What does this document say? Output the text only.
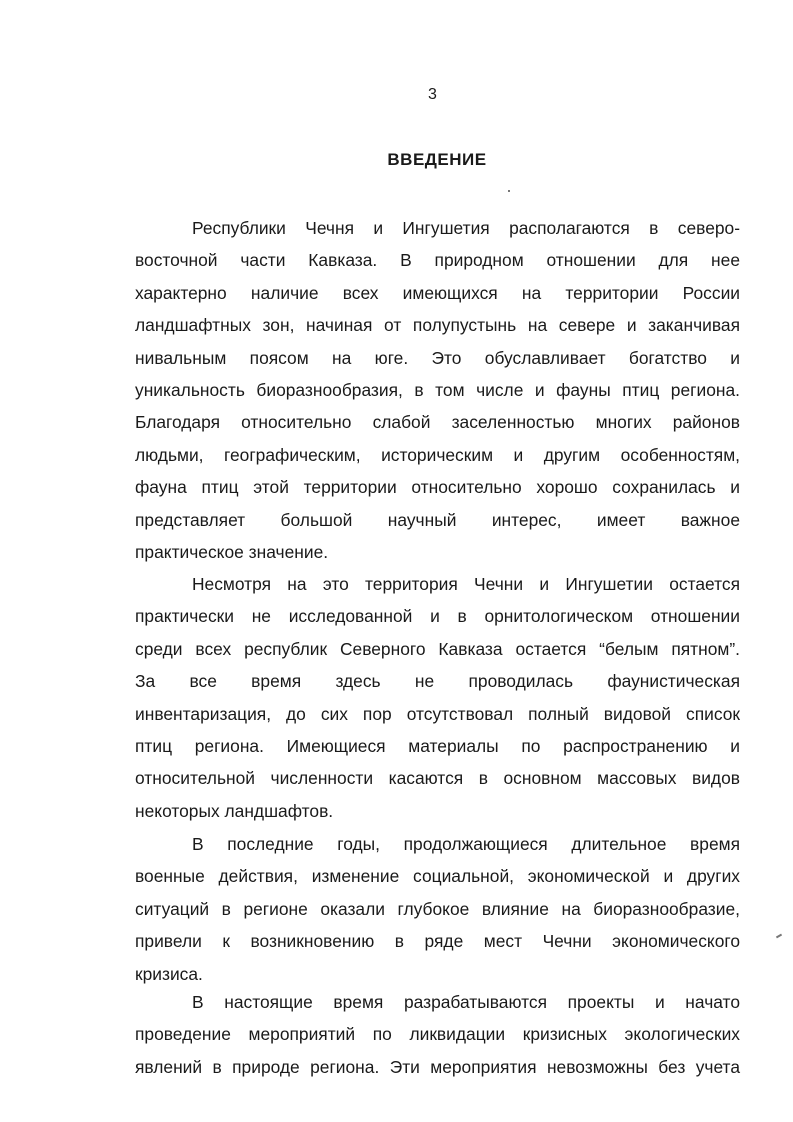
3
ВВЕДЕНИЕ
Республики Чечня и Ингушетия располагаются в северо-
восточной части Кавказа. В природном отношении для нее
характерно наличие всех имеющихся на территории России
ландшафтных зон, начиная от полупустынь на севере и заканчивая
нивальным поясом на юге. Это обуславливает богатство и
уникальность биоразнообразия, в том числе и фауны птиц региона.
Благодаря относительно слабой заселенностью многих районов
людьми, географическим, историческим и другим особенностям,
фауна птиц этой территории относительно хорошо сохранилась и
представляет большой научный интерес, имеет важное
практическое значение.
Несмотря на это территория Чечни и Ингушетии остается
практически не исследованной и в орнитологическом отношении
среди всех республик Северного Кавказа остается “белым пятном”.
За все время здесь не проводилась фаунистическая
инвентаризация, до сих пор отсутствовал полный видовой список
птиц региона. Имеющиеся материалы по распространению и
относительной численности касаются в основном массовых видов
некоторых ландшафтов.
В последние годы, продолжающиеся длительное время
военные действия, изменение социальной, экономической и других
ситуаций в регионе оказали глубокое влияние на биоразнообразие,
привели к возникновению в ряде мест Чечни экономического
кризиса.
В настоящие время разрабатываются проекты и начато
проведение мероприятий по ликвидации кризисных экологических
явлений в природе региона. Эти мероприятия невозможны без учета
